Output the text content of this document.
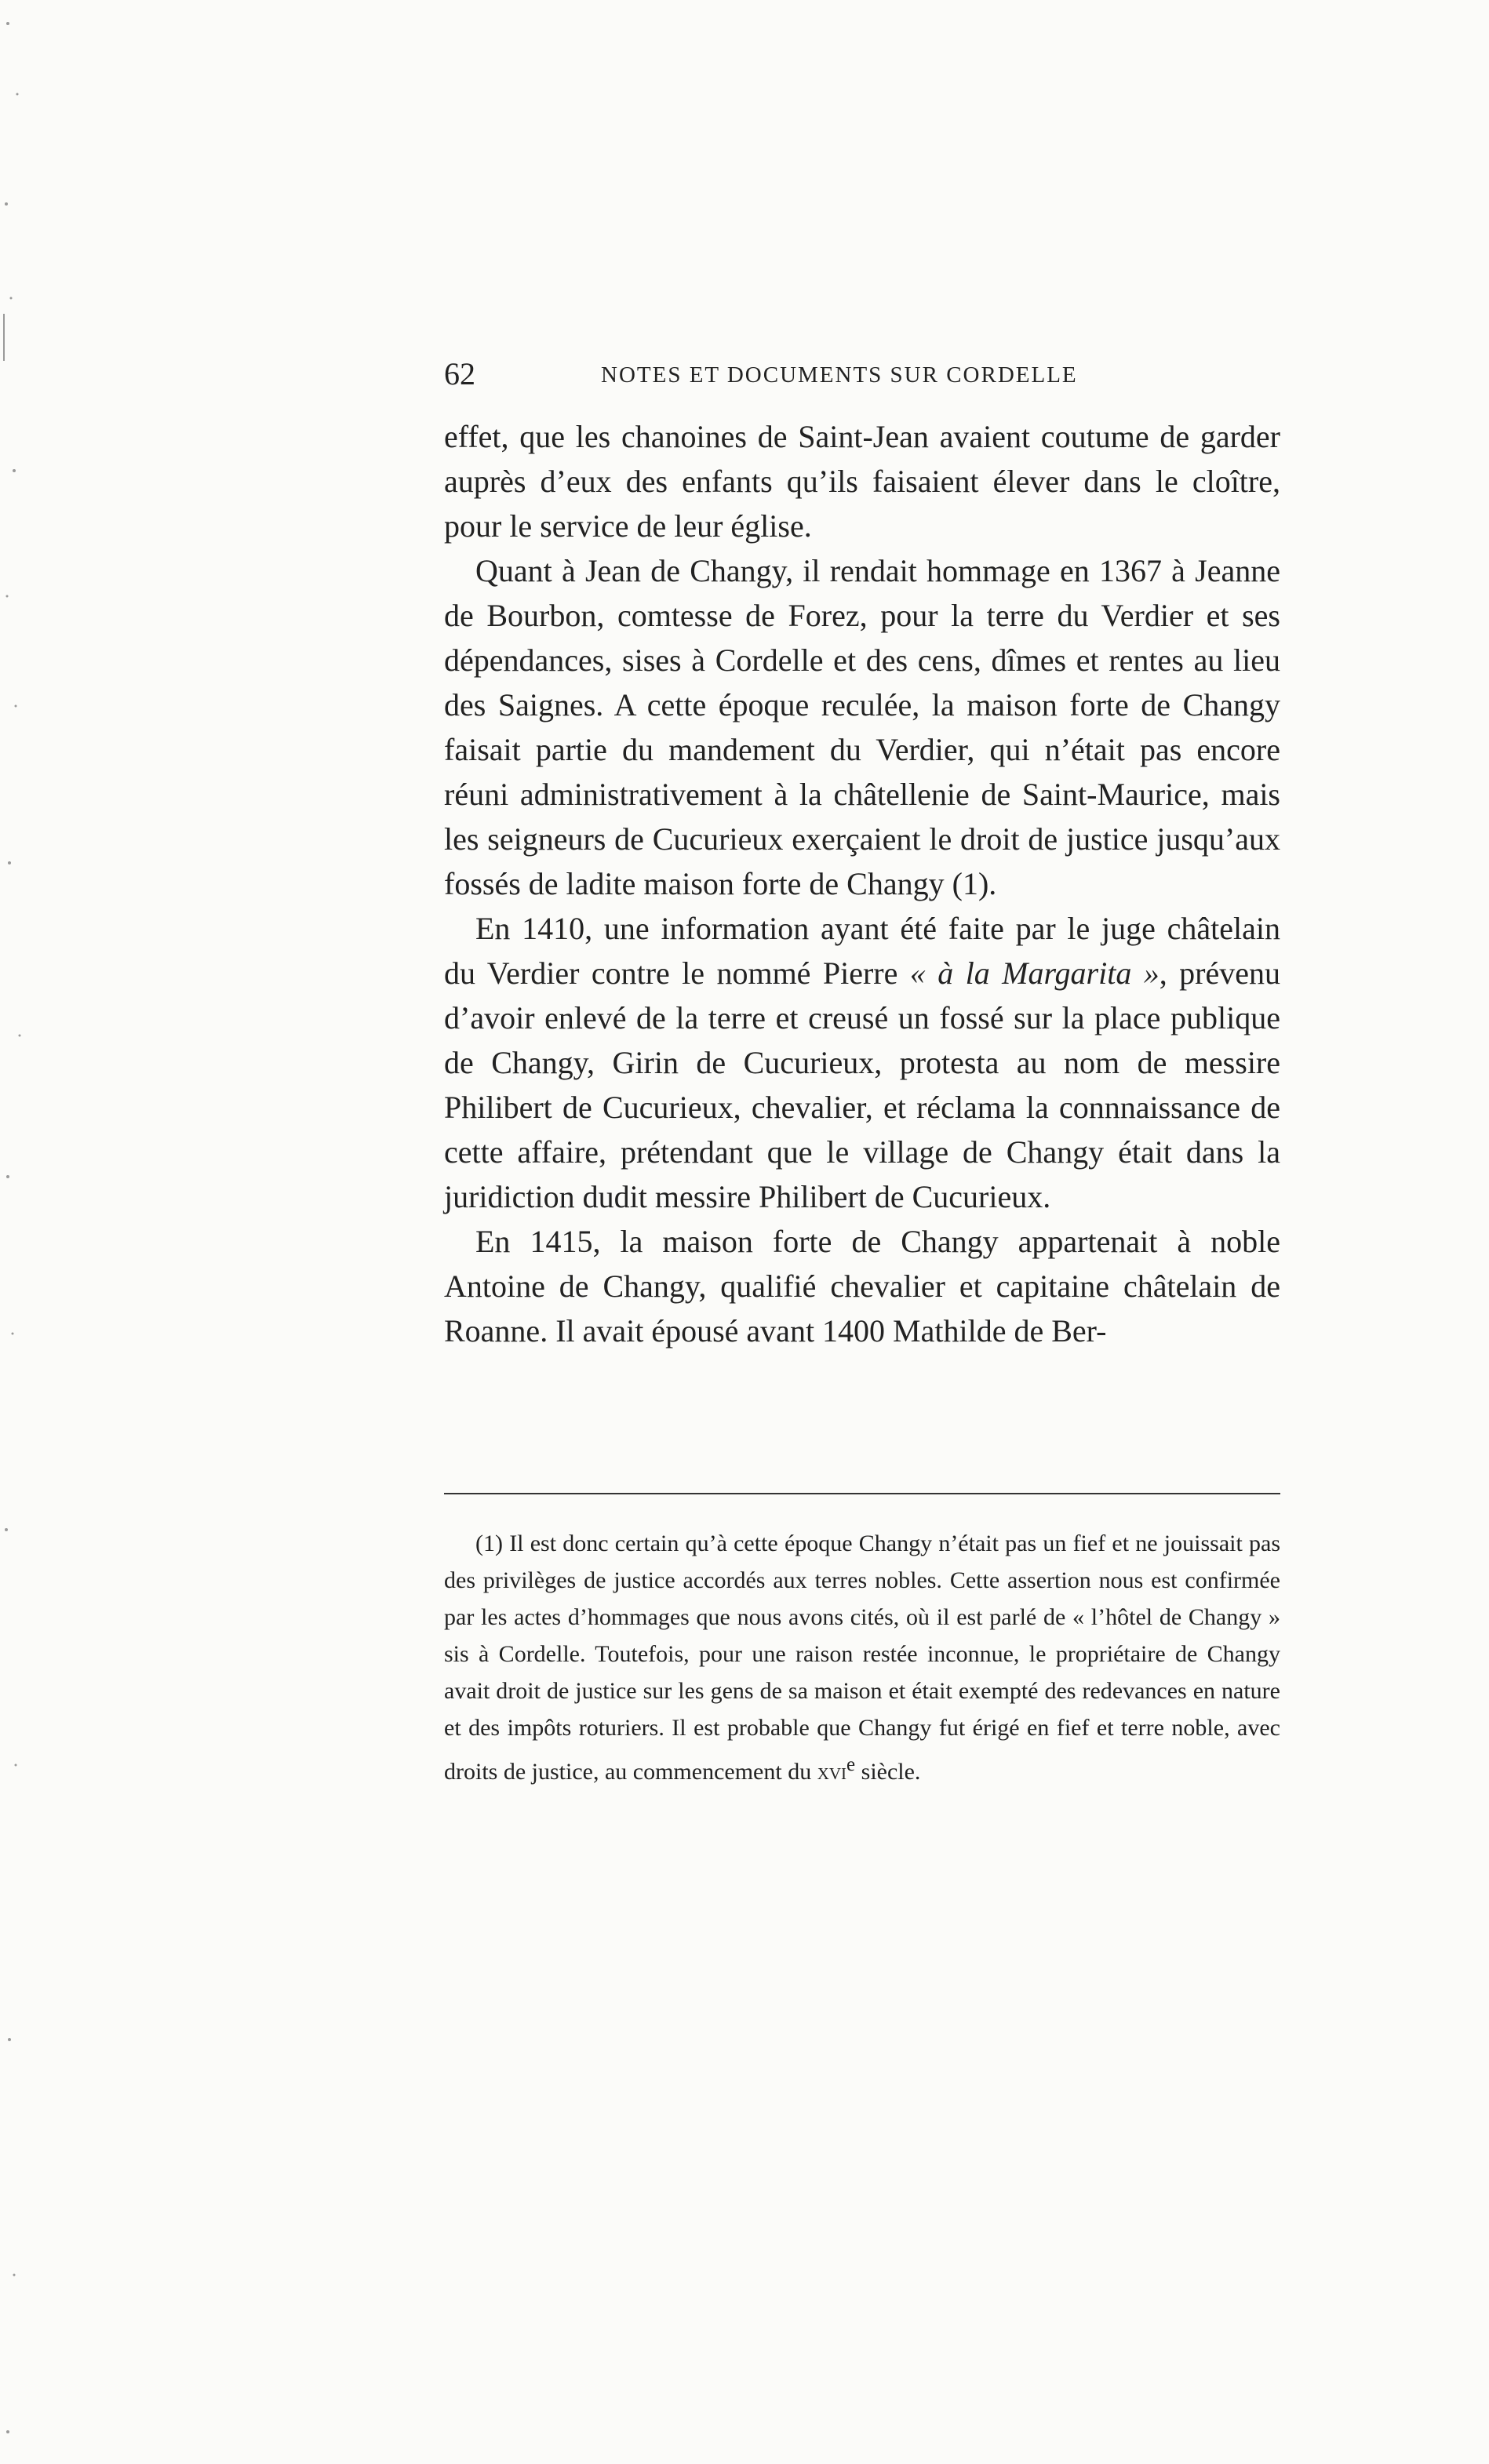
62	NOTES ET DOCUMENTS SUR CORDELLE

effet, que les chanoines de Saint-Jean avaient coutume de garder auprès d’eux des enfants qu’ils faisaient élever dans le cloître, pour le service de leur église.

Quant à Jean de Changy, il rendait hommage en 1367 à Jeanne de Bourbon, comtesse de Forez, pour la terre du Verdier et ses dépendances, sises à Cordelle et des cens, dîmes et rentes au lieu des Saignes. A cette époque reculée, la maison forte de Changy faisait partie du mandement du Verdier, qui n’était pas encore réuni administrativement à la châtellenie de Saint-Maurice, mais les seigneurs de Cucurieux exerçaient le droit de justice jusqu’aux fossés de ladite maison forte de Changy (1).

En 1410, une information ayant été faite par le juge châtelain du Verdier contre le nommé Pierre « à la Margarita », prévenu d’avoir enlevé de la terre et creusé un fossé sur la place publique de Changy, Girin de Cucurieux, protesta au nom de messire Philibert de Cucurieux, chevalier, et réclama la connnaissance de cette affaire, prétendant que le village de Changy était dans la juridiction dudit messire Philibert de Cucurieux.

En 1415, la maison forte de Changy appartenait à noble Antoine de Changy, qualifié chevalier et capitaine châtelain de Roanne. Il avait épousé avant 1400 Mathilde de Ber-

(1) Il est donc certain qu’à cette époque Changy n’était pas un fief et ne jouissait pas des privilèges de justice accordés aux terres nobles. Cette assertion nous est confirmée par les actes d’hommages que nous avons cités, où il est parlé de « l’hôtel de Changy » sis à Cordelle. Toutefois, pour une raison restée inconnue, le propriétaire de Changy avait droit de justice sur les gens de sa maison et était exempté des redevances en nature et des impôts roturiers. Il est probable que Changy fut érigé en fief et terre noble, avec droits de justice, au commencement du xvi$^e$ siècle.
